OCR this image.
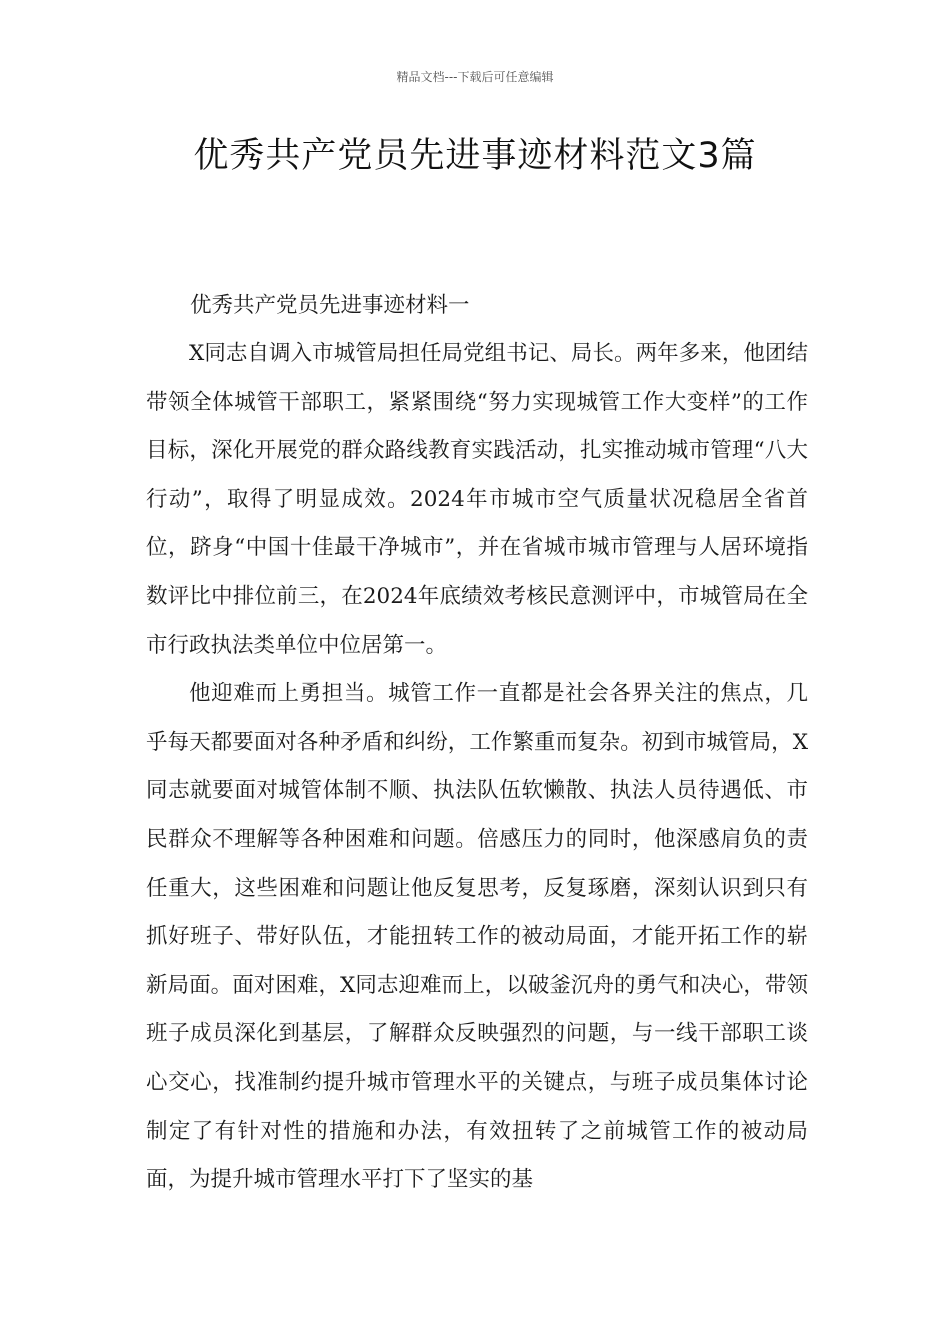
精品文档---下载后可任意编辑
优秀共产党员先进事迹材料范文3篇
优秀共产党员先进事迹材料一

X同志自调入市城管局担任局党组书记、局长。两年多来，他团结带领全体城管干部职工，紧紧围绕“努力实现城管工作大变样”的工作目标，深化开展党的群众路线教育实践活动，扎实推动城市管理“八大行动”，取得了明显成效。2024年市城市空气质量状况稳居全省首位，跻身“中国十佳最干净城市”，并在省城市城市管理与人居环境指数评比中排位前三，在2024年底绩效考核民意测评中，市城管局在全市行政执法类单位中位居第一。

他迎难而上勇担当。城管工作一直都是社会各界关注的焦点，几乎每天都要面对各种矛盾和纠纷，工作繁重而复杂。初到市城管局，X同志就要面对城管体制不顺、执法队伍软懒散、执法人员待遇低、市民群众不理解等各种困难和问题。倍感压力的同时，他深感肩负的责任重大，这些困难和问题让他反复思考，反复琢磨，深刻认识到只有抓好班子、带好队伍，才能扭转工作的被动局面，才能开拓工作的崭新局面。面对困难，X同志迎难而上，以破釜沉舟的勇气和决心，带领班子成员深化到基层，了解群众反映强烈的问题，与一线干部职工谈心交心，找准制约提升城市管理水平的关键点，与班子成员集体讨论制定了有针对性的措施和办法，有效扭转了之前城管工作的被动局面，为提升城市管理水平打下了坚实的基
